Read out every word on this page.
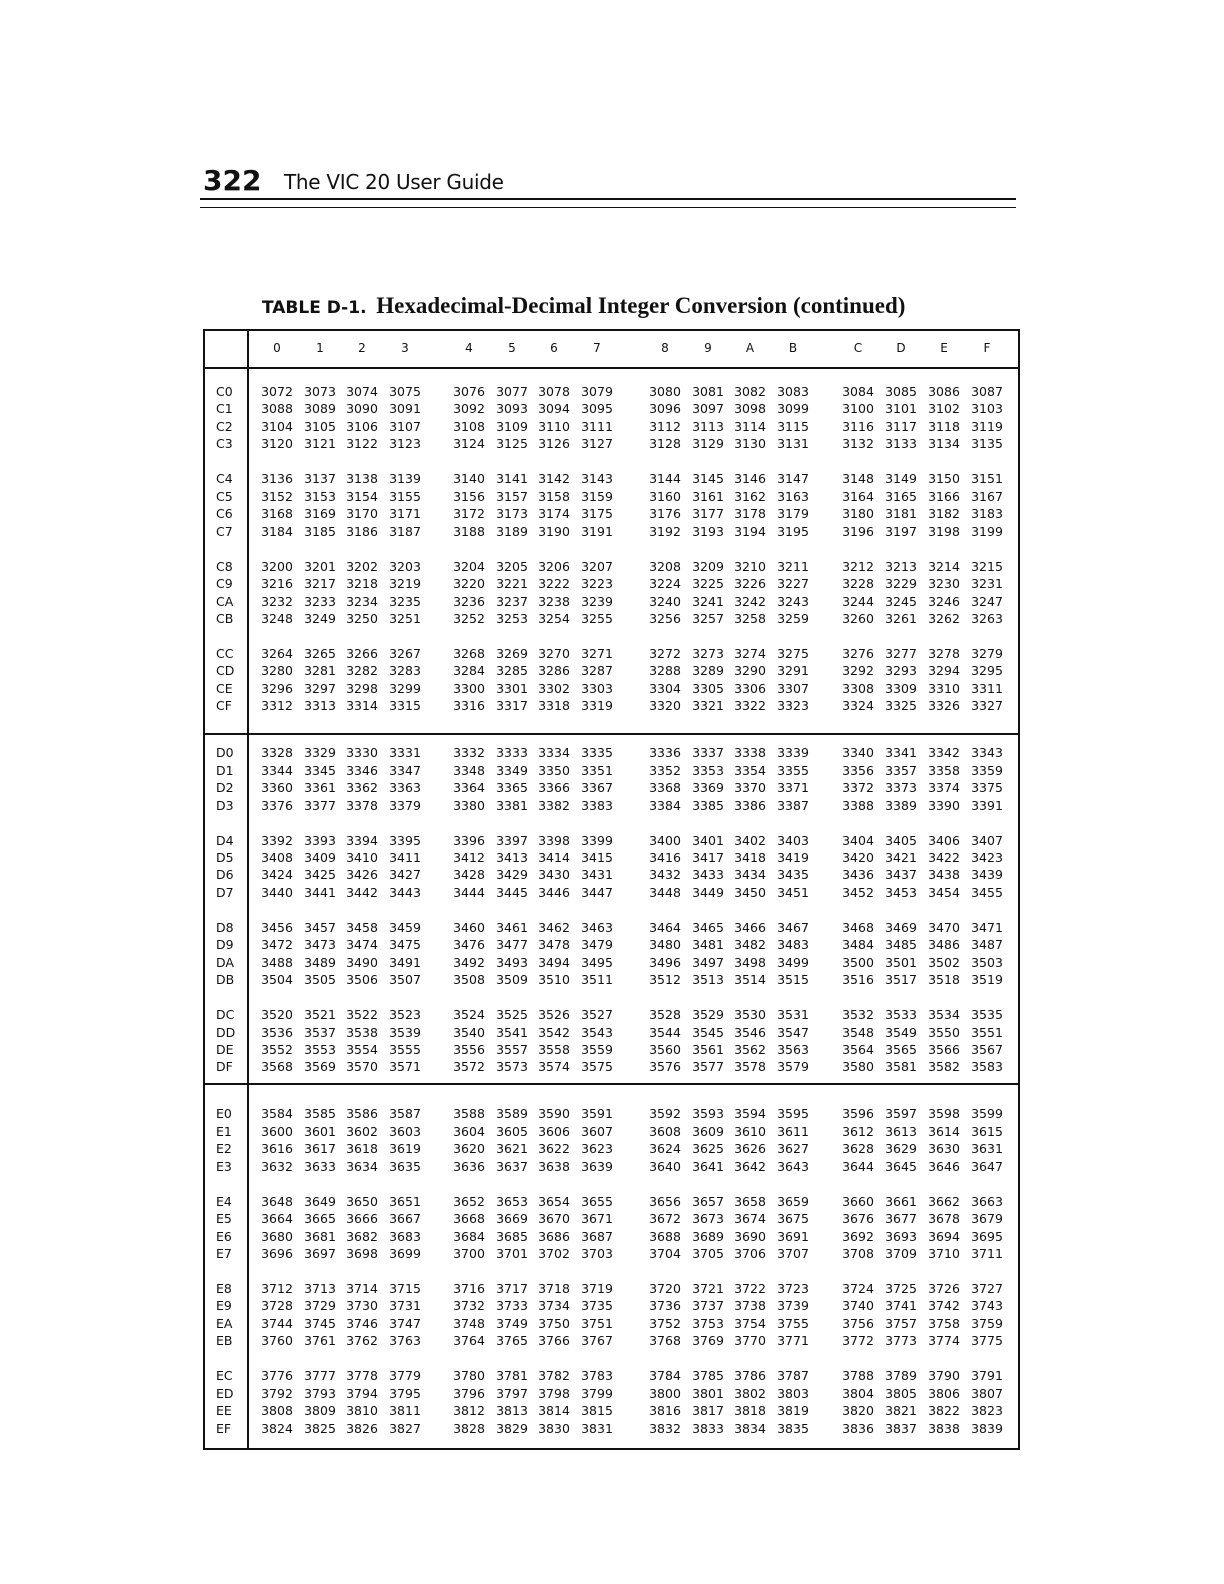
322 The VIC 20 User Guide
TABLE D-1. Hexadecimal-Decimal Integer Conversion (continued)
0	1	2	3	4	5	6	7	8	9	A	B	C	D	E	F
C0	3072 3073 3074 3075	3076 3077 3078 3079	3080 3081 3082 3083	3084 3085 3086 3087
C1	3088 3089 3090 3091	3092 3093 3094 3095	3096 3097 3098 3099	3100 3101 3102 3103
C2	3104 3105 3106 3107	3108 3109 3110 3111	3112 3113 3114 3115	3116 3117 3118 3119
C3	3120 3121 3122 3123	3124 3125 3126 3127	3128 3129 3130 3131	3132 3133 3134 3135
C4	3136 3137 3138 3139	3140 3141 3142 3143	3144 3145 3146 3147	3148 3149 3150 3151
C5	3152 3153 3154 3155	3156 3157 3158 3159	3160 3161 3162 3163	3164 3165 3166 3167
C6	3168 3169 3170 3171	3172 3173 3174 3175	3176 3177 3178 3179	3180 3181 3182 3183
C7	3184 3185 3186 3187	3188 3189 3190 3191	3192 3193 3194 3195	3196 3197 3198 3199
C8	3200 3201 3202 3203	3204 3205 3206 3207	3208 3209 3210 3211	3212 3213 3214 3215
C9	3216 3217 3218 3219	3220 3221 3222 3223	3224 3225 3226 3227	3228 3229 3230 3231
CA	3232 3233 3234 3235	3236 3237 3238 3239	3240 3241 3242 3243	3244 3245 3246 3247
CB	3248 3249 3250 3251	3252 3253 3254 3255	3256 3257 3258 3259	3260 3261 3262 3263
CC	3264 3265 3266 3267	3268 3269 3270 3271	3272 3273 3274 3275	3276 3277 3278 3279
CD	3280 3281 3282 3283	3284 3285 3286 3287	3288 3289 3290 3291	3292 3293 3294 3295
CE	3296 3297 3298 3299	3300 3301 3302 3303	3304 3305 3306 3307	3308 3309 3310 3311
CF	3312 3313 3314 3315	3316 3317 3318 3319	3320 3321 3322 3323	3324 3325 3326 3327
D0	3328 3329 3330 3331	3332 3333 3334 3335	3336 3337 3338 3339	3340 3341 3342 3343
D1	3344 3345 3346 3347	3348 3349 3350 3351	3352 3353 3354 3355	3356 3357 3358 3359
D2	3360 3361 3362 3363	3364 3365 3366 3367	3368 3369 3370 3371	3372 3373 3374 3375
D3	3376 3377 3378 3379	3380 3381 3382 3383	3384 3385 3386 3387	3388 3389 3390 3391
D4	3392 3393 3394 3395	3396 3397 3398 3399	3400 3401 3402 3403	3404 3405 3406 3407
D5	3408 3409 3410 3411	3412 3413 3414 3415	3416 3417 3418 3419	3420 3421 3422 3423
D6	3424 3425 3426 3427	3428 3429 3430 3431	3432 3433 3434 3435	3436 3437 3438 3439
D7	3440 3441 3442 3443	3444 3445 3446 3447	3448 3449 3450 3451	3452 3453 3454 3455
D8	3456 3457 3458 3459	3460 3461 3462 3463	3464 3465 3466 3467	3468 3469 3470 3471
D9	3472 3473 3474 3475	3476 3477 3478 3479	3480 3481 3482 3483	3484 3485 3486 3487
DA	3488 3489 3490 3491	3492 3493 3494 3495	3496 3497 3498 3499	3500 3501 3502 3503
DB	3504 3505 3506 3507	3508 3509 3510 3511	3512 3513 3514 3515	3516 3517 3518 3519
DC	3520 3521 3522 3523	3524 3525 3526 3527	3528 3529 3530 3531	3532 3533 3534 3535
DD	3536 3537 3538 3539	3540 3541 3542 3543	3544 3545 3546 3547	3548 3549 3550 3551
DE	3552 3553 3554 3555	3556 3557 3558 3559	3560 3561 3562 3563	3564 3565 3566 3567
DF	3568 3569 3570 3571	3572 3573 3574 3575	3576 3577 3578 3579	3580 3581 3582 3583
E0	3584 3585 3586 3587	3588 3589 3590 3591	3592 3593 3594 3595	3596 3597 3598 3599
E1	3600 3601 3602 3603	3604 3605 3606 3607	3608 3609 3610 3611	3612 3613 3614 3615
E2	3616 3617 3618 3619	3620 3621 3622 3623	3624 3625 3626 3627	3628 3629 3630 3631
E3	3632 3633 3634 3635	3636 3637 3638 3639	3640 3641 3642 3643	3644 3645 3646 3647
E4	3648 3649 3650 3651	3652 3653 3654 3655	3656 3657 3658 3659	3660 3661 3662 3663
E5	3664 3665 3666 3667	3668 3669 3670 3671	3672 3673 3674 3675	3676 3677 3678 3679
E6	3680 3681 3682 3683	3684 3685 3686 3687	3688 3689 3690 3691	3692 3693 3694 3695
E7	3696 3697 3698 3699	3700 3701 3702 3703	3704 3705 3706 3707	3708 3709 3710 3711
E8	3712 3713 3714 3715	3716 3717 3718 3719	3720 3721 3722 3723	3724 3725 3726 3727
E9	3728 3729 3730 3731	3732 3733 3734 3735	3736 3737 3738 3739	3740 3741 3742 3743
EA	3744 3745 3746 3747	3748 3749 3750 3751	3752 3753 3754 3755	3756 3757 3758 3759
EB	3760 3761 3762 3763	3764 3765 3766 3767	3768 3769 3770 3771	3772 3773 3774 3775
EC	3776 3777 3778 3779	3780 3781 3782 3783	3784 3785 3786 3787	3788 3789 3790 3791
ED	3792 3793 3794 3795	3796 3797 3798 3799	3800 3801 3802 3803	3804 3805 3806 3807
EE	3808 3809 3810 3811	3812 3813 3814 3815	3816 3817 3818 3819	3820 3821 3822 3823
EF	3824 3825 3826 3827	3828 3829 3830 3831	3832 3833 3834 3835	3836 3837 3838 3839
